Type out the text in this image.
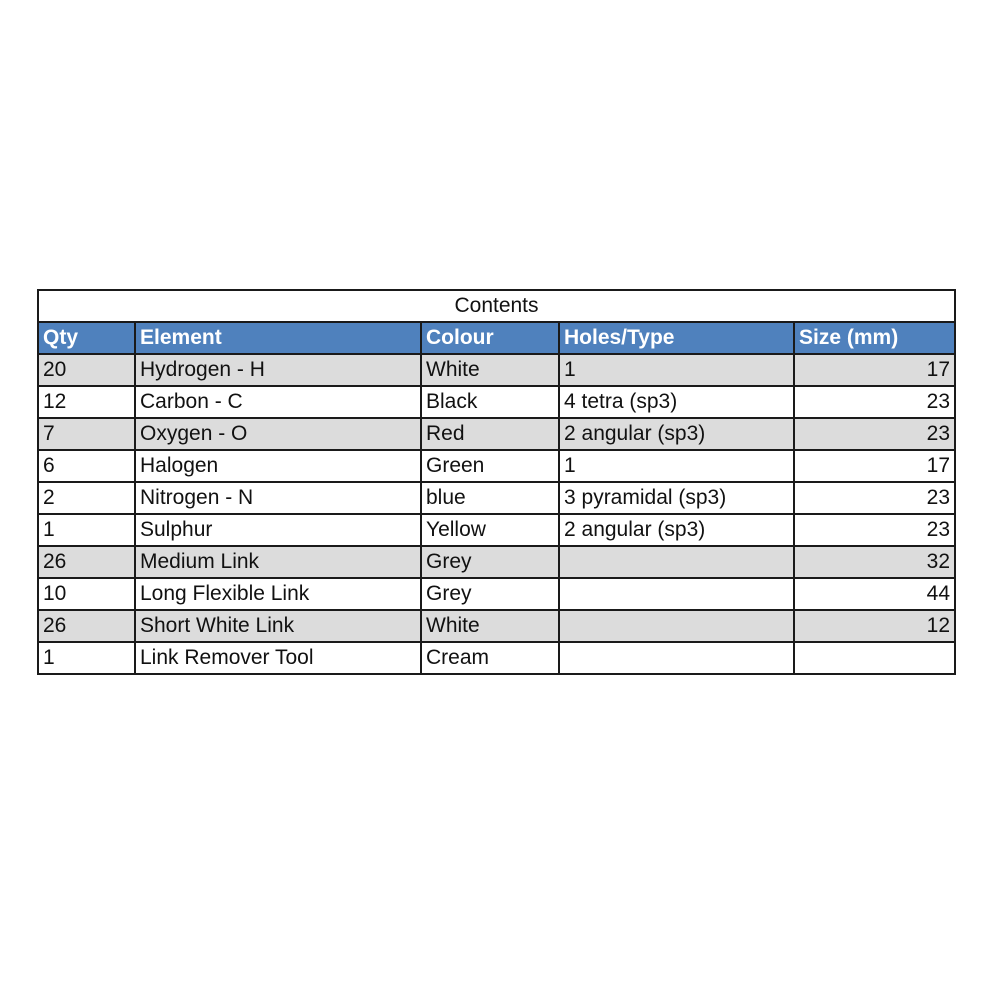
Contents				
Qty	Element	Colour	Holes/Type	Size (mm)
20	Hydrogen - H	White	1	17
12	Carbon - C	Black	4 tetra (sp3)	23
7	Oxygen - O	Red	2 angular (sp3)	23
6	Halogen	Green	1	17
2	Nitrogen - N	blue	3 pyramidal (sp3)	23
1	Sulphur	Yellow	2 angular (sp3)	23
26	Medium Link	Grey		32
10	Long Flexible Link	Grey		44
26	Short White Link	White		12
1	Link Remover Tool	Cream		
